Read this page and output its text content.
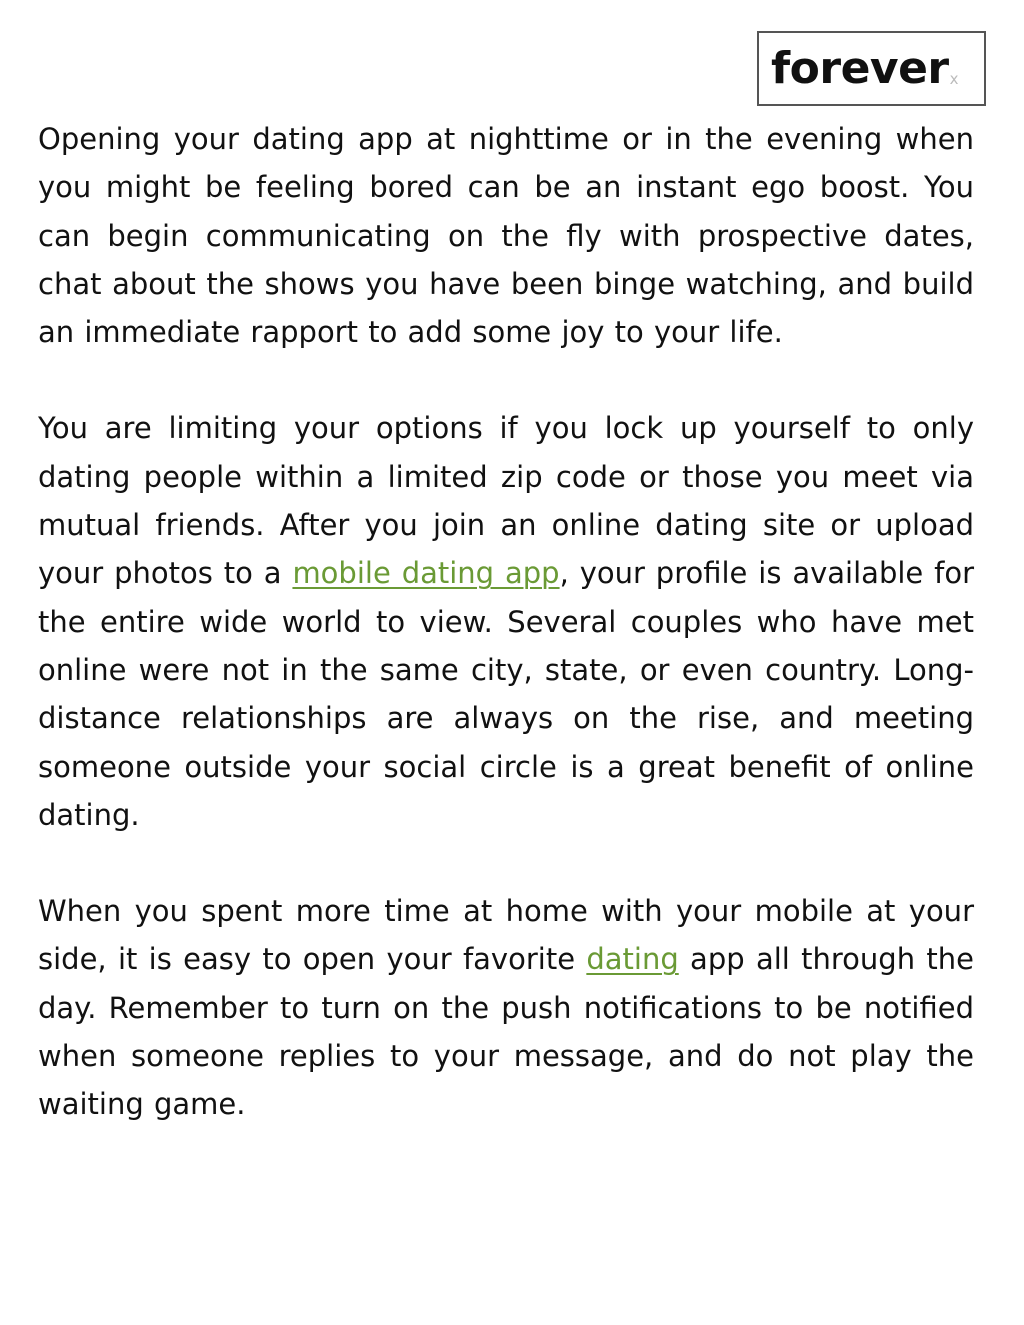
forever x

Opening your dating app at nighttime or in the evening when you might be feeling bored can be an instant ego boost. You can begin communicating on the fly with prospective dates, chat about the shows you have been binge watching, and build an immediate rapport to add some joy to your life.

You are limiting your options if you lock up yourself to only dating people within a limited zip code or those you meet via mutual friends. After you join an online dating site or upload your photos to a mobile dating app, your profile is available for the entire wide world to view. Several couples who have met online were not in the same city, state, or even country. Long-distance relationships are always on the rise, and meeting someone outside your social circle is a great benefit of online dating.

When you spent more time at home with your mobile at your side, it is easy to open your favorite dating app all through the day. Remember to turn on the push notifications to be notified when someone replies to your message, and do not play the waiting game.
